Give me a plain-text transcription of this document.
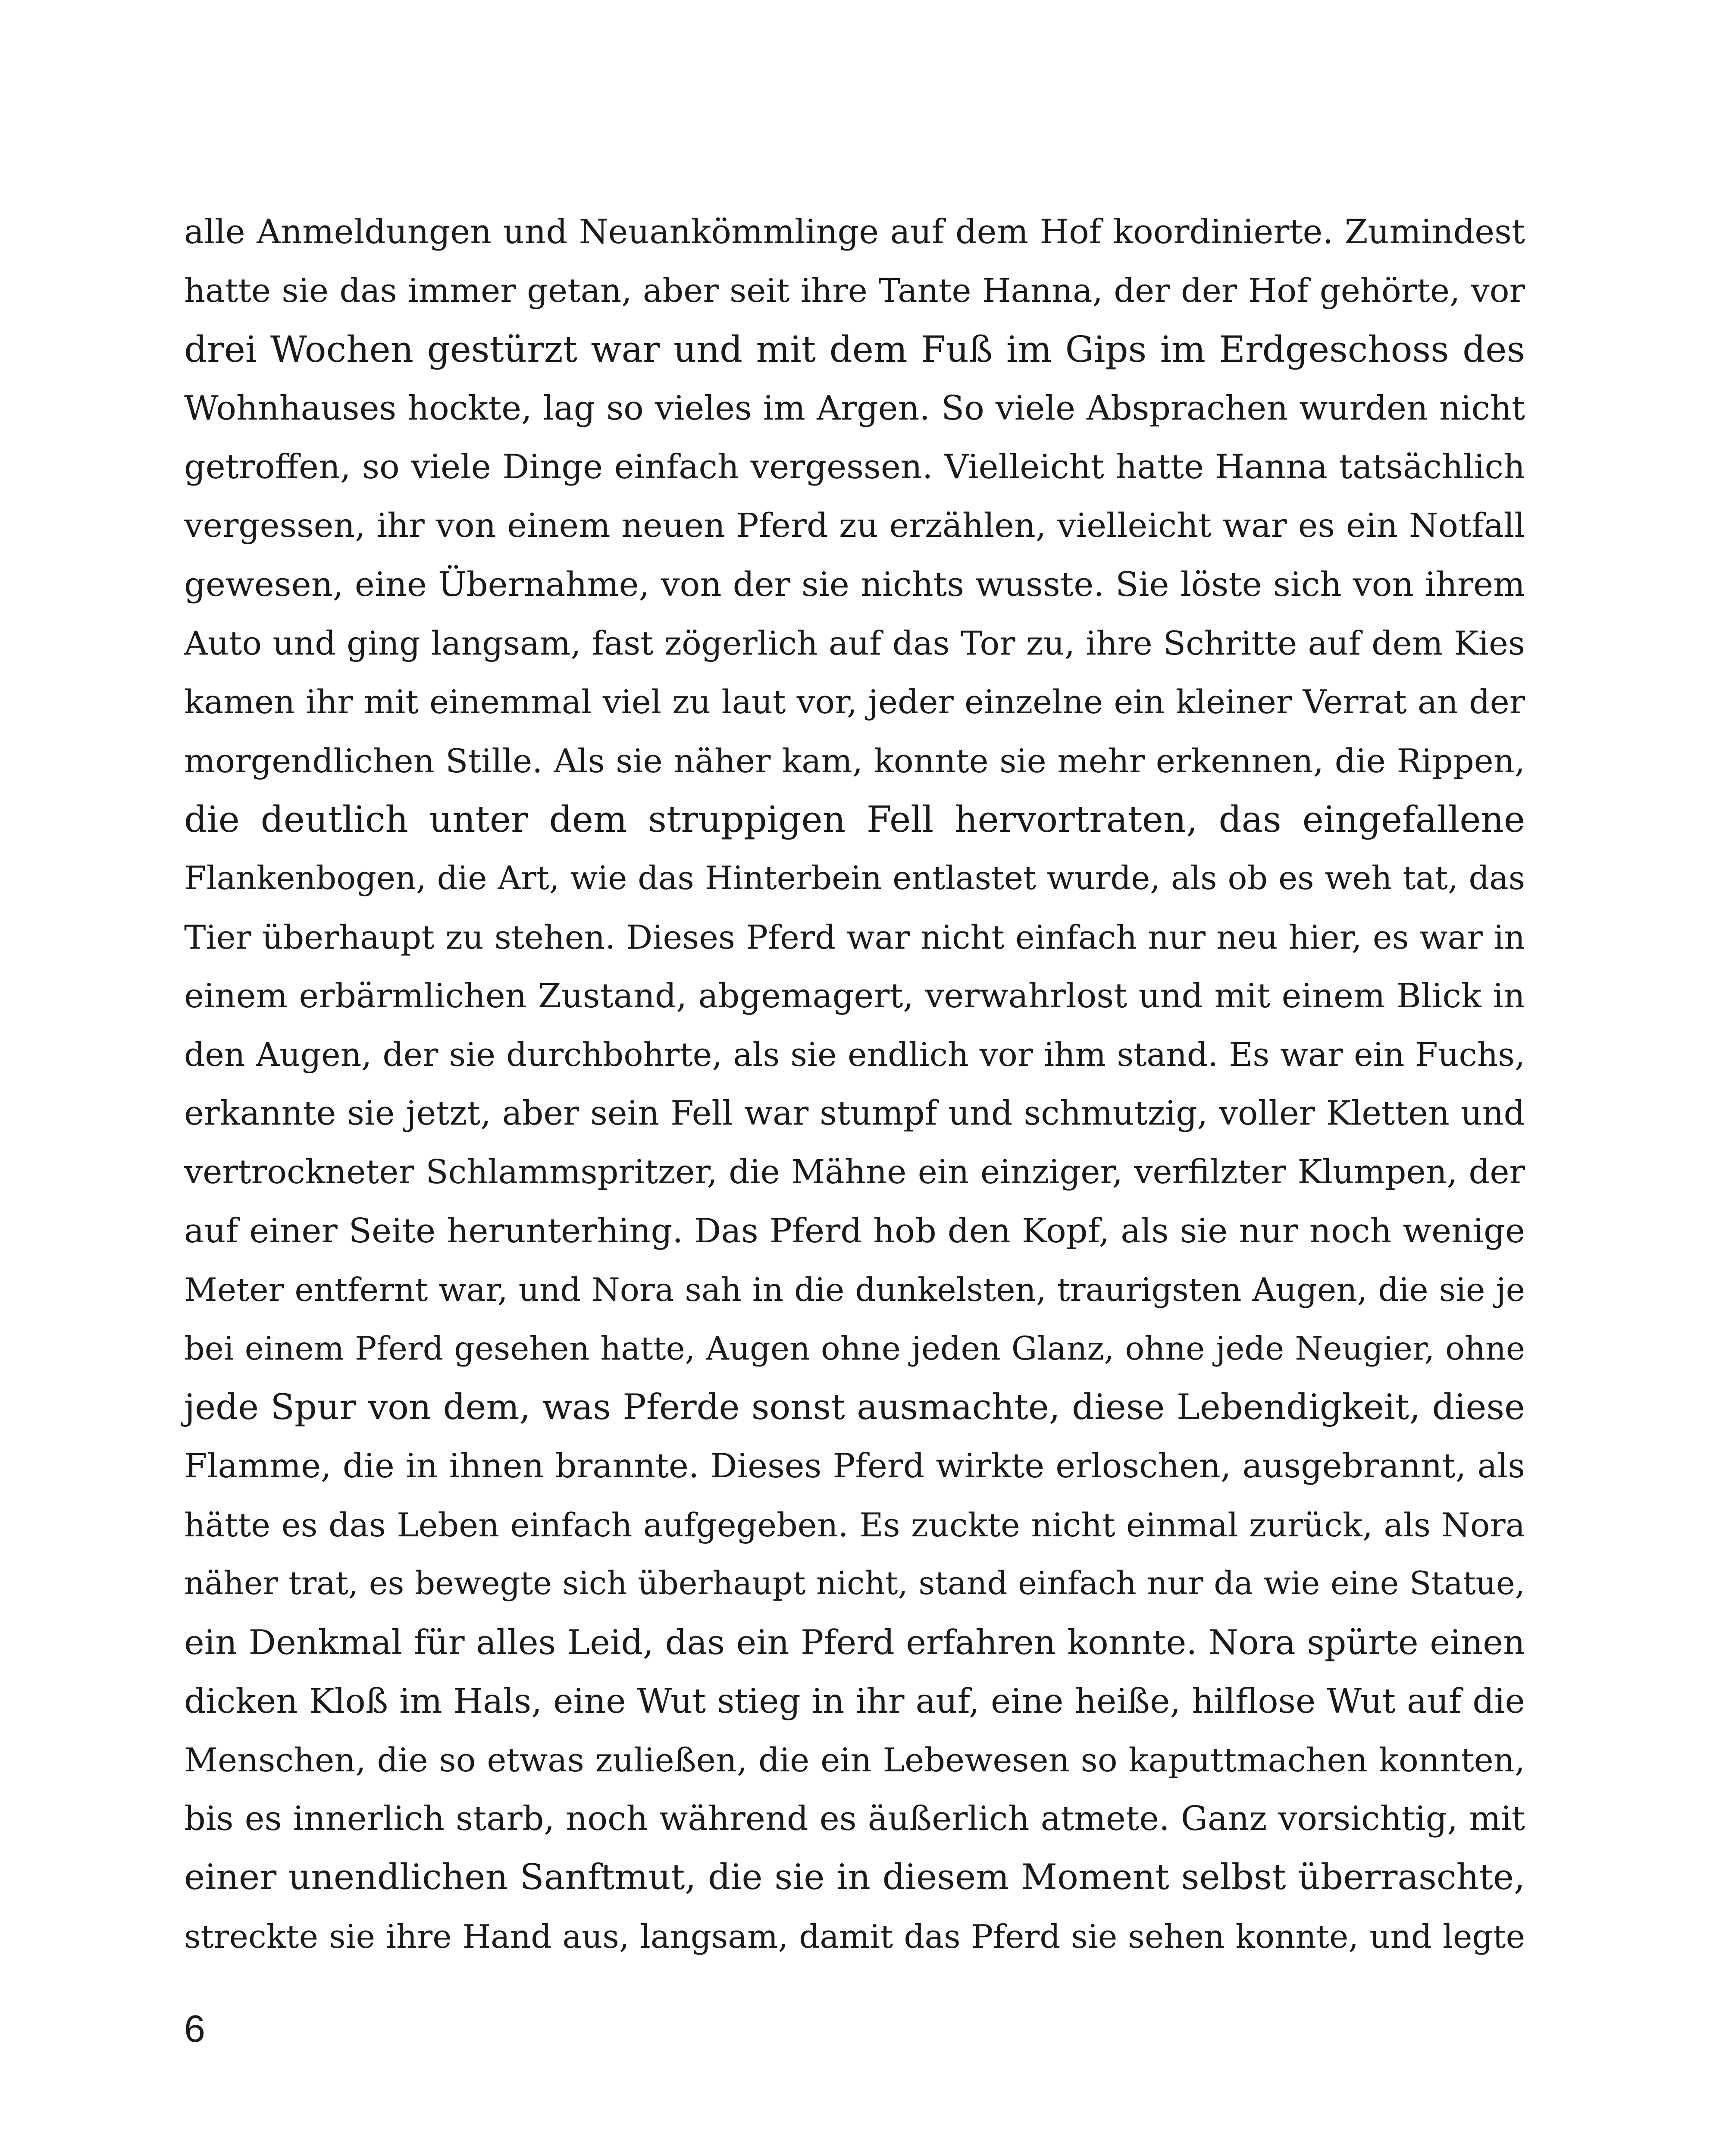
alle Anmeldungen und Neuankömmlinge auf dem Hof koordinierte. Zumindest
hatte sie das immer getan, aber seit ihre Tante Hanna, der der Hof gehörte, vor
drei Wochen gestürzt war und mit dem Fuß im Gips im Erdgeschoss des
Wohnhauses hockte, lag so vieles im Argen. So viele Absprachen wurden nicht
getroffen, so viele Dinge einfach vergessen. Vielleicht hatte Hanna tatsächlich
vergessen, ihr von einem neuen Pferd zu erzählen, vielleicht war es ein Notfall
gewesen, eine Übernahme, von der sie nichts wusste. Sie löste sich von ihrem
Auto und ging langsam, fast zögerlich auf das Tor zu, ihre Schritte auf dem Kies
kamen ihr mit einemmal viel zu laut vor, jeder einzelne ein kleiner Verrat an der
morgendlichen Stille. Als sie näher kam, konnte sie mehr erkennen, die Rippen,
die deutlich unter dem struppigen Fell hervortraten, das eingefallene
Flankenbogen, die Art, wie das Hinterbein entlastet wurde, als ob es weh tat, das
Tier überhaupt zu stehen. Dieses Pferd war nicht einfach nur neu hier, es war in
einem erbärmlichen Zustand, abgemagert, verwahrlost und mit einem Blick in
den Augen, der sie durchbohrte, als sie endlich vor ihm stand. Es war ein Fuchs,
erkannte sie jetzt, aber sein Fell war stumpf und schmutzig, voller Kletten und
vertrockneter Schlammspritzer, die Mähne ein einziger, verfilzter Klumpen, der
auf einer Seite herunterhing. Das Pferd hob den Kopf, als sie nur noch wenige
Meter entfernt war, und Nora sah in die dunkelsten, traurigsten Augen, die sie je
bei einem Pferd gesehen hatte, Augen ohne jeden Glanz, ohne jede Neugier, ohne
jede Spur von dem, was Pferde sonst ausmachte, diese Lebendigkeit, diese
Flamme, die in ihnen brannte. Dieses Pferd wirkte erloschen, ausgebrannt, als
hätte es das Leben einfach aufgegeben. Es zuckte nicht einmal zurück, als Nora
näher trat, es bewegte sich überhaupt nicht, stand einfach nur da wie eine Statue,
ein Denkmal für alles Leid, das ein Pferd erfahren konnte. Nora spürte einen
dicken Kloß im Hals, eine Wut stieg in ihr auf, eine heiße, hilflose Wut auf die
Menschen, die so etwas zuließen, die ein Lebewesen so kaputtmachen konnten,
bis es innerlich starb, noch während es äußerlich atmete. Ganz vorsichtig, mit
einer unendlichen Sanftmut, die sie in diesem Moment selbst überraschte,
streckte sie ihre Hand aus, langsam, damit das Pferd sie sehen konnte, und legte
6
